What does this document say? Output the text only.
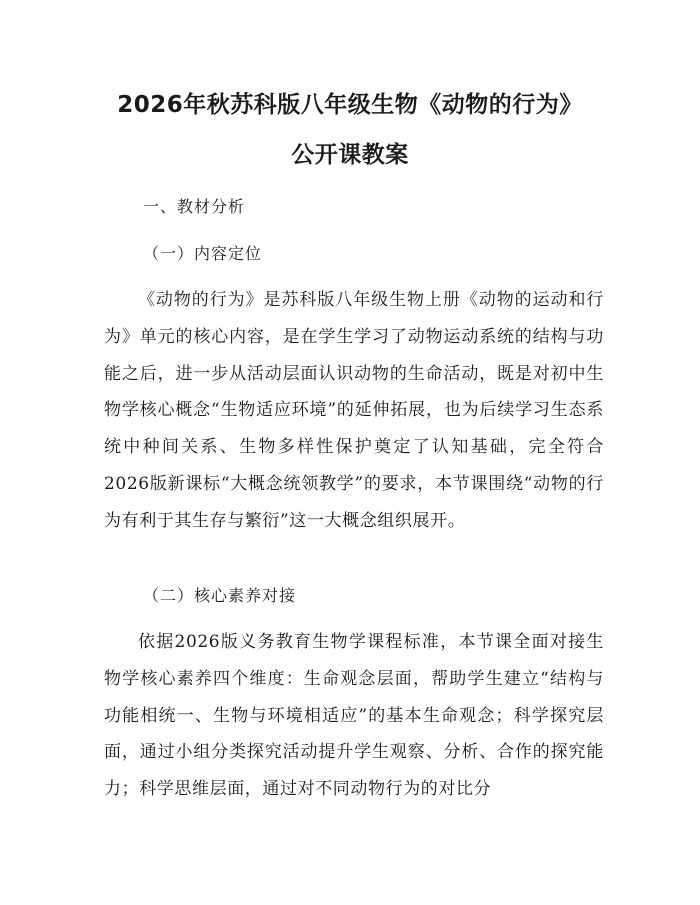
2026年秋苏科版八年级生物《动物的行为》
公开课教案
一、教材分析
（一）内容定位

《动物的行为》是苏科版八年级生物上册《动物的运动和行为》单元的核心内容，是在学生学习了动物运动系统的结构与功能之后，进一步从活动层面认识动物的生命活动，既是对初中生物学核心概念“生物适应环境”的延伸拓展，也为后续学习生态系统中种间关系、生物多样性保护奠定了认知基础，完全符合2026版新课标“大概念统领教学”的要求，本节课围绕“动物的行为有利于其生存与繁衍”这一大概念组织展开。

（二）核心素养对接

依据2026版义务教育生物学课程标准，本节课全面对接生物学核心素养四个维度：生命观念层面，帮助学生建立“结构与功能相统一、生物与环境相适应”的基本生命观念；科学探究层面，通过小组分类探究活动提升学生观察、分析、合作的探究能力；科学思维层面，通过对不同动物行为的对比分
